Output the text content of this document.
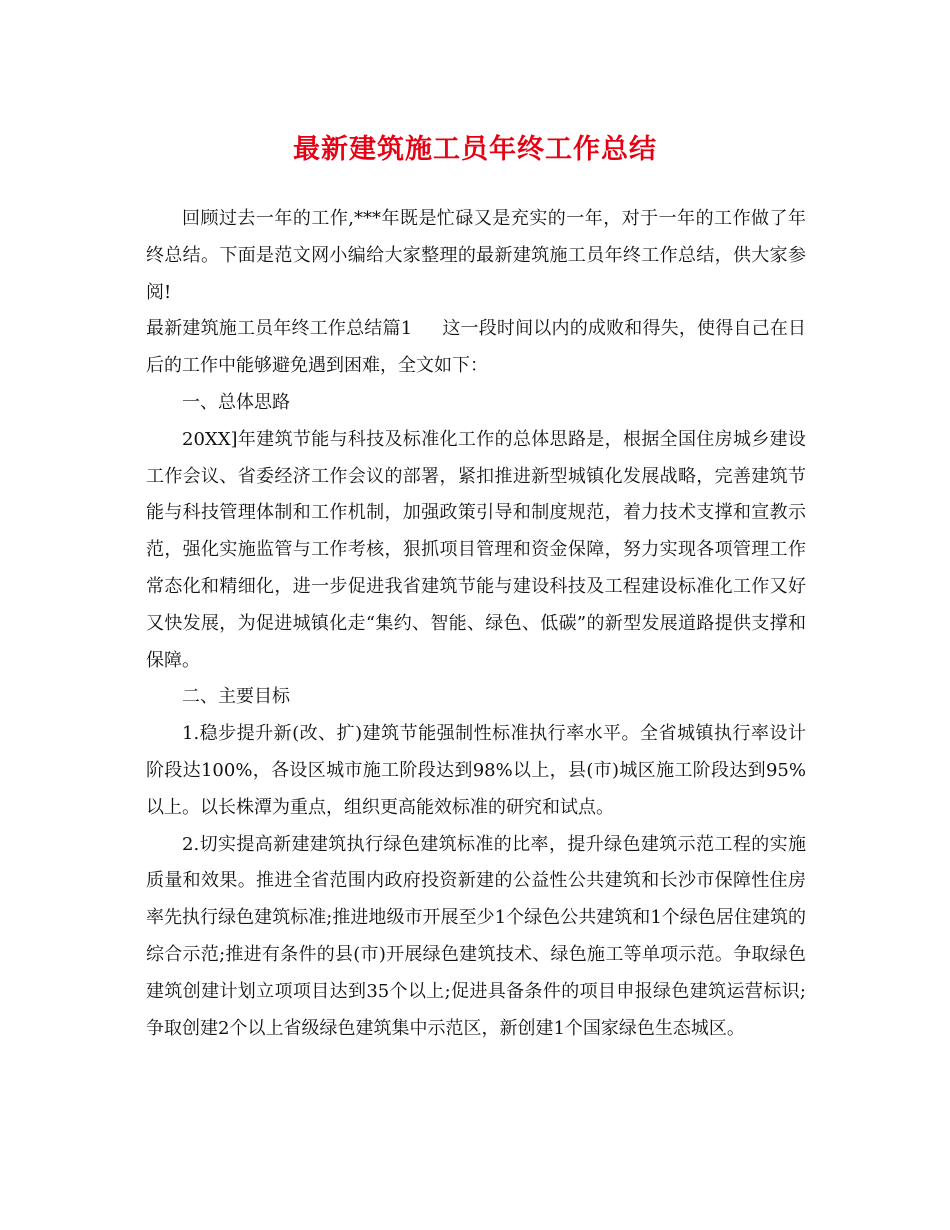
最新建筑施工员年终工作总结

回顾过去一年的工作,***年既是忙碌又是充实的一年，对于一年的工作做了年终总结。下面是范文网小编给大家整理的最新建筑施工员年终工作总结，供大家参阅!

最新建筑施工员年终工作总结篇1 这一段时间以内的成败和得失，使得自己在日后的工作中能够避免遇到困难，全文如下：

一、总体思路

20XX]年建筑节能与科技及标准化工作的总体思路是，根据全国住房城乡建设工作会议、省委经济工作会议的部署，紧扣推进新型城镇化发展战略，完善建筑节能与科技管理体制和工作机制，加强政策引导和制度规范，着力技术支撑和宣教示范，强化实施监管与工作考核，狠抓项目管理和资金保障，努力实现各项管理工作常态化和精细化，进一步促进我省建筑节能与建设科技及工程建设标准化工作又好又快发展，为促进城镇化走“集约、智能、绿色、低碳”的新型发展道路提供支撑和保障。

二、主要目标

1.稳步提升新(改、扩)建筑节能强制性标准执行率水平。全省城镇执行率设计阶段达100%，各设区城市施工阶段达到98%以上，县(市)城区施工阶段达到95%以上。以长株潭为重点，组织更高能效标准的研究和试点。

2.切实提高新建建筑执行绿色建筑标准的比率，提升绿色建筑示范工程的实施质量和效果。推进全省范围内政府投资新建的公益性公共建筑和长沙市保障性住房率先执行绿色建筑标准;推进地级市开展至少1个绿色公共建筑和1个绿色居住建筑的综合示范;推进有条件的县(市)开展绿色建筑技术、绿色施工等单项示范。争取绿色建筑创建计划立项项目达到35个以上;促进具备条件的项目申报绿色建筑运营标识;争取创建2个以上省级绿色建筑集中示范区，新创建1个国家绿色生态城区。
